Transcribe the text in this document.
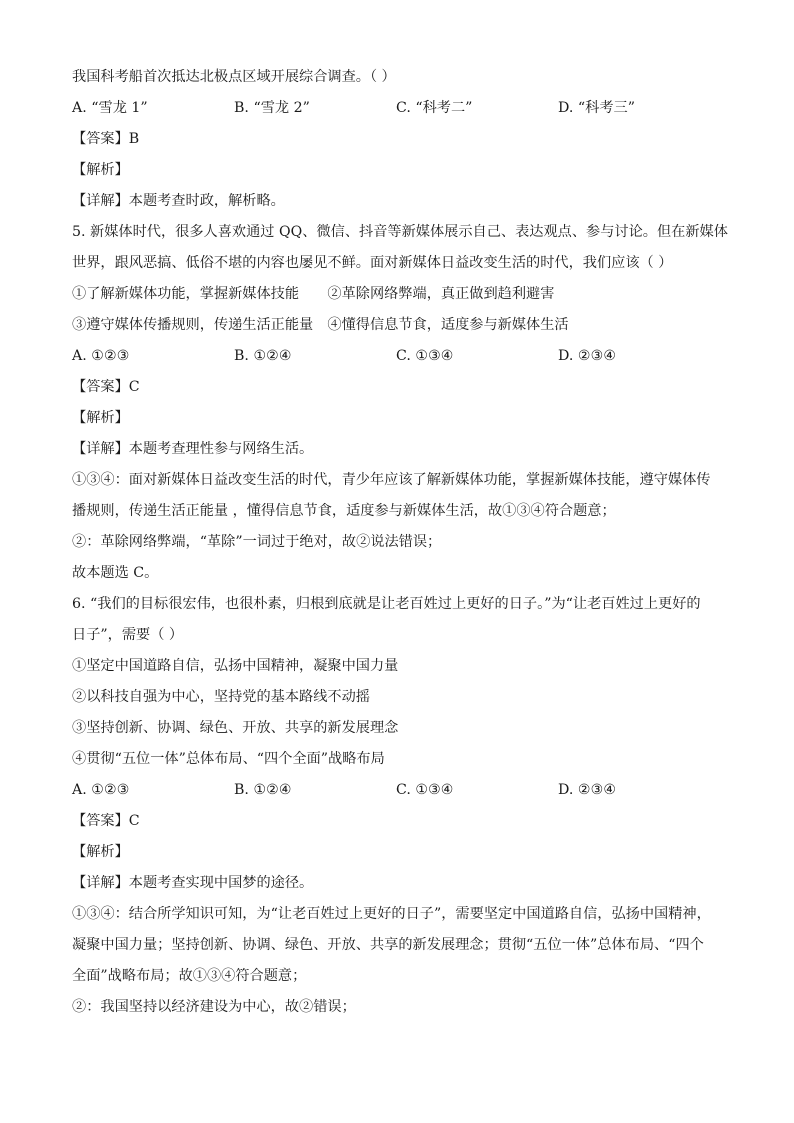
我国科考船首次抵达北极点区域开展综合调查。（ ）
A. “雪龙 1”	B. “雪龙 2”	C. “科考二”	D. “科考三”
【答案】B
【解析】
【详解】本题考查时政，解析略。
5. 新媒体时代，很多人喜欢通过 QQ、微信、抖音等新媒体展示自己、表达观点、参与讨论。但在新媒体
世界，跟风恶搞、低俗不堪的内容也屡见不鲜。面对新媒体日益改变生活的时代，我们应该（ ）
①了解新媒体功能，掌握新媒体技能　　②革除网络弊端，真正做到趋利避害
③遵守媒体传播规则，传递生活正能量　④懂得信息节食，适度参与新媒体生活
A. ①②③	B. ①②④	C. ①③④	D. ②③④
【答案】C
【解析】
【详解】本题考查理性参与网络生活。
①③④：面对新媒体日益改变生活的时代，青少年应该了解新媒体功能，掌握新媒体技能，遵守媒体传
播规则，传递生活正能量 ，懂得信息节食，适度参与新媒体生活，故①③④符合题意；
②：革除网络弊端，“革除”一词过于绝对，故②说法错误；
故本题选 C。
6. “我们的目标很宏伟，也很朴素，归根到底就是让老百姓过上更好的日子。”为“让老百姓过上更好的
日子”，需要（ ）
①坚定中国道路自信，弘扬中国精神，凝聚中国力量
②以科技自强为中心，坚持党的基本路线不动摇
③坚持创新、协调、绿色、开放、共享的新发展理念
④贯彻“五位一体”总体布局、“四个全面”战略布局
A. ①②③	B. ①②④	C. ①③④	D. ②③④
【答案】C
【解析】
【详解】本题考查实现中国梦的途径。
①③④：结合所学知识可知，为“让老百姓过上更好的日子”，需要坚定中国道路自信，弘扬中国精神，
凝聚中国力量；坚持创新、协调、绿色、开放、共享的新发展理念；贯彻“五位一体”总体布局、“四个
全面”战略布局；故①③④符合题意；
②：我国坚持以经济建设为中心，故②错误；
